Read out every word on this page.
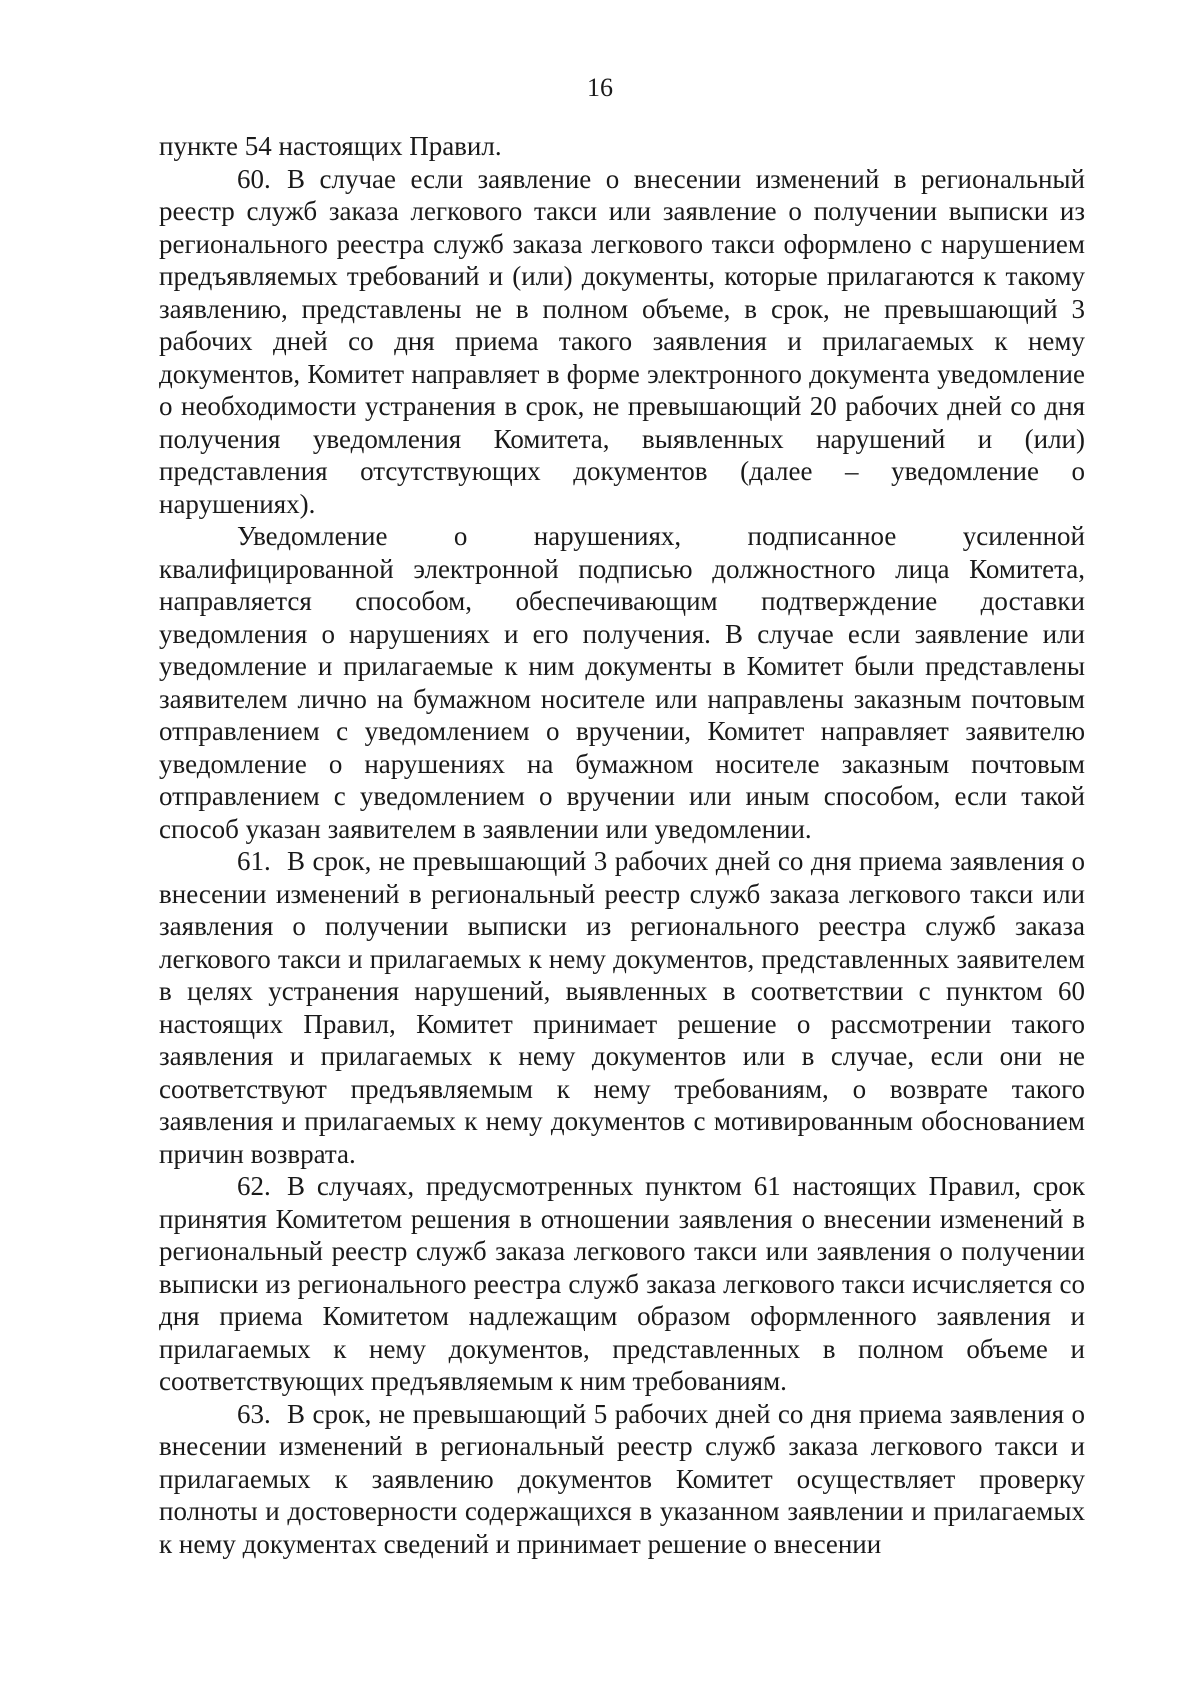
16

пункте 54 настоящих Правил.

60. В случае если заявление о внесении изменений в региональный реестр служб заказа легкового такси или заявление о получении выписки из регионального реестра служб заказа легкового такси оформлено с нарушением предъявляемых требований и (или) документы, которые прилагаются к такому заявлению, представлены не в полном объеме, в срок, не превышающий 3 рабочих дней со дня приема такого заявления и прилагаемых к нему документов, Комитет направляет в форме электронного документа уведомление о необходимости устранения в срок, не превышающий 20 рабочих дней со дня получения уведомления Комитета, выявленных нарушений и (или) представления отсутствующих документов (далее – уведомление о нарушениях).

Уведомление о нарушениях, подписанное усиленной квалифицированной электронной подписью должностного лица Комитета, направляется способом, обеспечивающим подтверждение доставки уведомления о нарушениях и его получения. В случае если заявление или уведомление и прилагаемые к ним документы в Комитет были представлены заявителем лично на бумажном носителе или направлены заказным почтовым отправлением с уведомлением о вручении, Комитет направляет заявителю уведомление о нарушениях на бумажном носителе заказным почтовым отправлением с уведомлением о вручении или иным способом, если такой способ указан заявителем в заявлении или уведомлении.

61. В срок, не превышающий 3 рабочих дней со дня приема заявления о внесении изменений в региональный реестр служб заказа легкового такси или заявления о получении выписки из регионального реестра служб заказа легкового такси и прилагаемых к нему документов, представленных заявителем в целях устранения нарушений, выявленных в соответствии с пунктом 60 настоящих Правил, Комитет принимает решение о рассмотрении такого заявления и прилагаемых к нему документов или в случае, если они не соответствуют предъявляемым к нему требованиям, о возврате такого заявления и прилагаемых к нему документов с мотивированным обоснованием причин возврата.

62. В случаях, предусмотренных пунктом 61 настоящих Правил, срок принятия Комитетом решения в отношении заявления о внесении изменений в региональный реестр служб заказа легкового такси или заявления о получении выписки из регионального реестра служб заказа легкового такси исчисляется со дня приема Комитетом надлежащим образом оформленного заявления и прилагаемых к нему документов, представленных в полном объеме и соответствующих предъявляемым к ним требованиям.

63. В срок, не превышающий 5 рабочих дней со дня приема заявления о внесении изменений в региональный реестр служб заказа легкового такси и прилагаемых к заявлению документов Комитет осуществляет проверку полноты и достоверности содержащихся в указанном заявлении и прилагаемых к нему документах сведений и принимает решение о внесении
